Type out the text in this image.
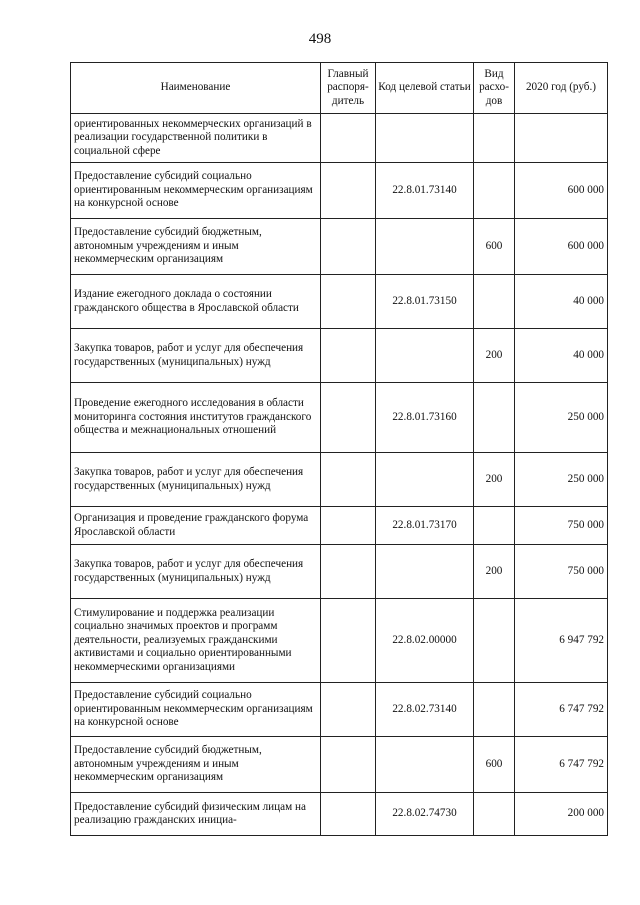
498
Наименование	Главный распоря-дитель	Код целевой статьи	Вид расхо-дов	2020 год (руб.)
ориентированных некоммерческих организаций в реализации государственной политики в социальной сфере				
Предоставление субсидий социально ориентированным некоммерческим организациям на конкурсной основе		22.8.01.73140		600 000
Предоставление субсидий бюджетным, автономным учреждениям и иным некоммерческим организациям			600	600 000
Издание ежегодного доклада о состоянии гражданского общества в Ярославской области		22.8.01.73150		40 000
Закупка товаров, работ и услуг для обеспечения государственных (муниципальных) нужд			200	40 000
Проведение ежегодного исследования в области мониторинга состояния институтов гражданского общества и межнациональных отношений		22.8.01.73160		250 000
Закупка товаров, работ и услуг для обеспечения государственных (муниципальных) нужд			200	250 000
Организация и проведение гражданского форума Ярославской области		22.8.01.73170		750 000
Закупка товаров, работ и услуг для обеспечения государственных (муниципальных) нужд			200	750 000
Стимулирование и поддержка реализации социально значимых проектов и программ деятельности, реализуемых гражданскими активистами и социально ориентированными некоммерческими организациями		22.8.02.00000		6 947 792
Предоставление субсидий социально ориентированным некоммерческим организациям на конкурсной основе		22.8.02.73140		6 747 792
Предоставление субсидий бюджетным, автономным учреждениям и иным некоммерческим организациям			600	6 747 792
Предоставление субсидий физическим лицам на реализацию гражданских инициа-		22.8.02.74730		200 000
